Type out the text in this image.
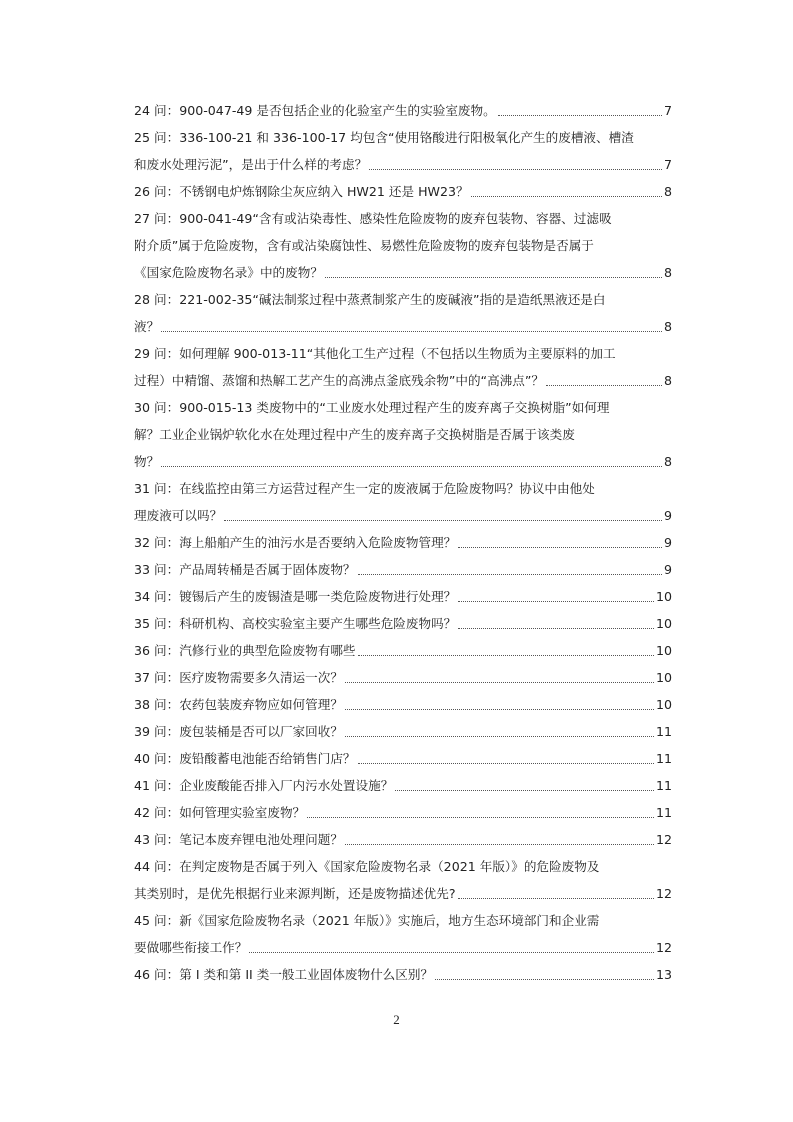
24 问：900-047-49 是否包括企业的化验室产生的实验室废物。	7
25 问：336-100-21 和 336-100-17 均包含“使用铬酸进行阳极氧化产生的废槽液、槽渣
和废水处理污泥”，是出于什么样的考虑？	7
26 问：不锈钢电炉炼钢除尘灰应纳入 HW21 还是 HW23？	8
27 问：900-041-49“含有或沾染毒性、感染性危险废物的废弃包装物、容器、过滤吸
附介质”属于危险废物，含有或沾染腐蚀性、易燃性危险废物的废弃包装物是否属于
《国家危险废物名录》中的废物？	8
28 问：221-002-35“碱法制浆过程中蒸煮制浆产生的废碱液”指的是造纸黑液还是白
液？	8
29 问：如何理解 900-013-11“其他化工生产过程（不包括以生物质为主要原料的加工
过程）中精馏、蒸馏和热解工艺产生的高沸点釜底残余物”中的“高沸点”？	8
30 问：900-015-13 类废物中的“工业废水处理过程产生的废弃离子交换树脂”如何理
解？工业企业锅炉软化水在处理过程中产生的废弃离子交换树脂是否属于该类废
物？	8
31 问：在线监控由第三方运营过程产生一定的废液属于危险废物吗？协议中由他处
理废液可以吗？	9
32 问：海上船舶产生的油污水是否要纳入危险废物管理？	9
33 问：产品周转桶是否属于固体废物？	9
34 问：镀锡后产生的废锡渣是哪一类危险废物进行处理？	10
35 问：科研机构、高校实验室主要产生哪些危险废物吗？	10
36 问：汽修行业的典型危险废物有哪些	10
37 问：医疗废物需要多久清运一次？	10
38 问：农药包装废弃物应如何管理？	10
39 问：废包装桶是否可以厂家回收？	11
40 问：废铅酸蓄电池能否给销售门店？	11
41 问：企业废酸能否排入厂内污水处置设施？	11
42 问：如何管理实验室废物？	11
43 问：笔记本废弃锂电池处理问题？	12
44 问：在判定废物是否属于列入《国家危险废物名录（2021 年版）》的危险废物及
其类别时，是优先根据行业来源判断，还是废物描述优先?	12
45 问：新《国家危险废物名录（2021 年版）》实施后，地方生态环境部门和企业需
要做哪些衔接工作？	12
46 问：第 I 类和第 II 类一般工业固体废物什么区别？	13
2
